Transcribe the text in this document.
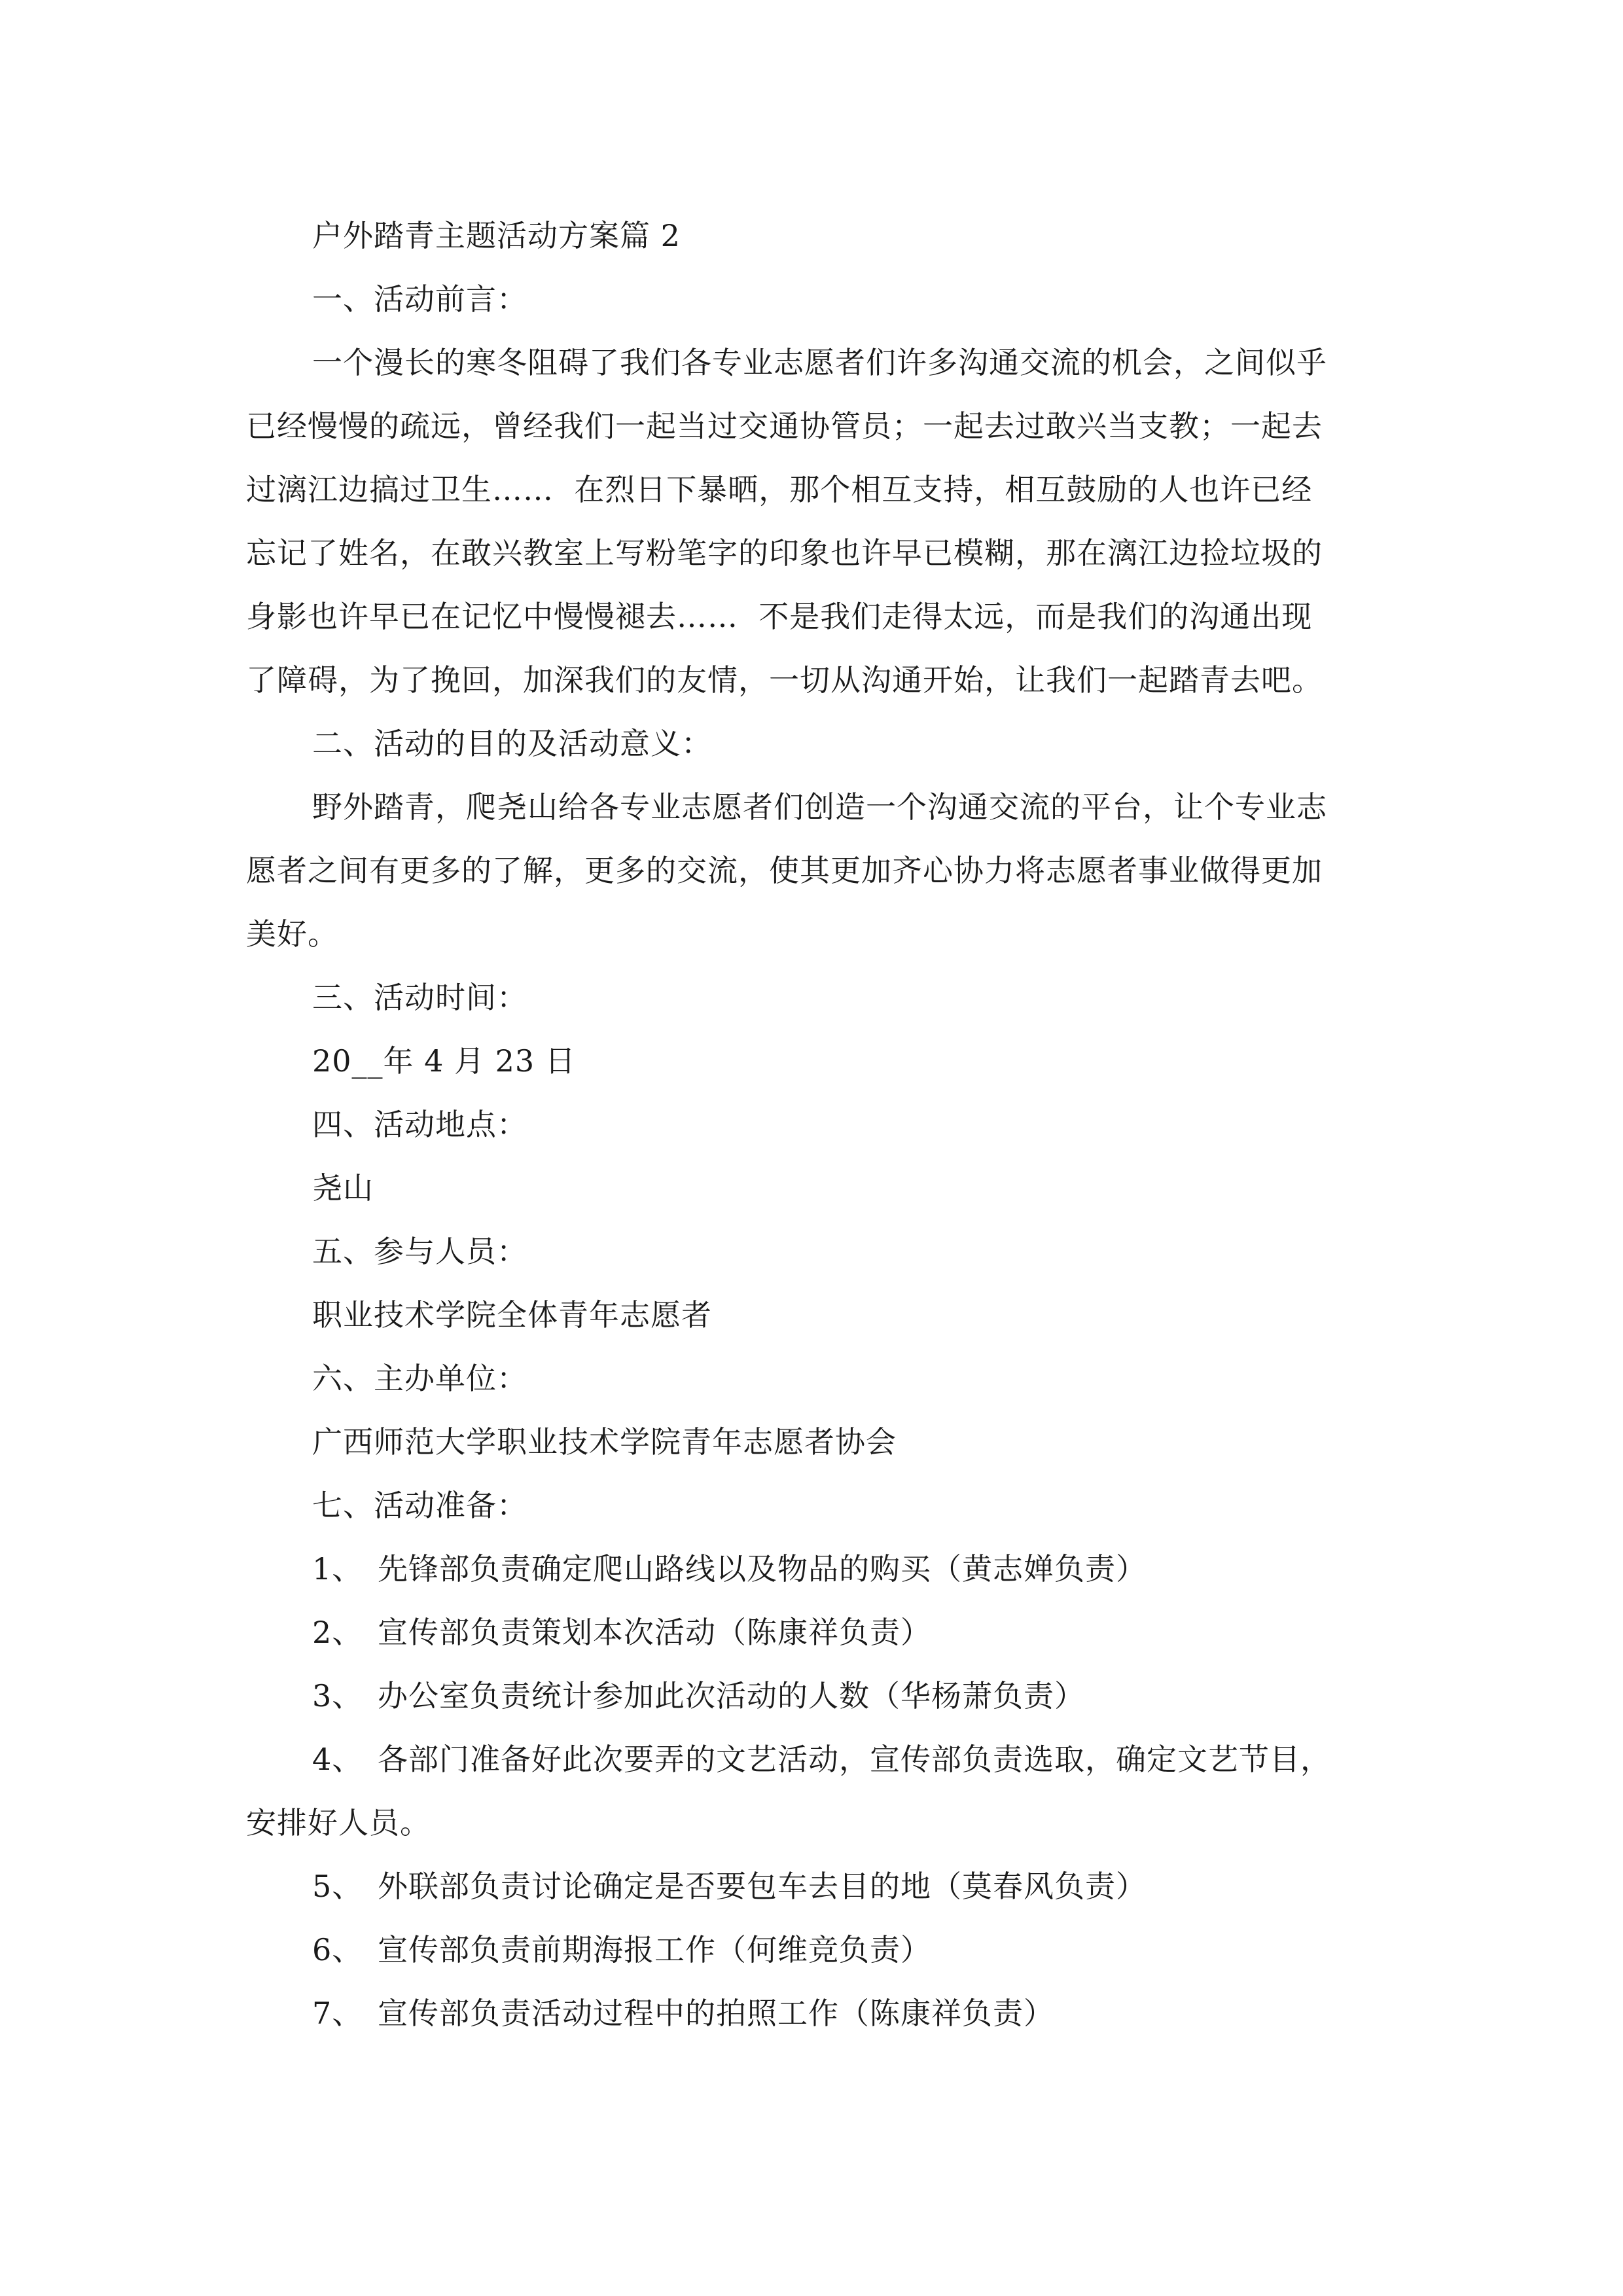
户外踏青主题活动方案篇 2
一、活动前言：
一个漫长的寒冬阻碍了我们各专业志愿者们许多沟通交流的机会，之间似乎
已经慢慢的疏远，曾经我们一起当过交通协管员；一起去过敢兴当支教；一起去
过漓江边搞过卫生……  在烈日下暴晒，那个相互支持，相互鼓励的人也许已经
忘记了姓名，在敢兴教室上写粉笔字的印象也许早已模糊，那在漓江边捡垃圾的
身影也许早已在记忆中慢慢褪去……  不是我们走得太远，而是我们的沟通出现
了障碍，为了挽回，加深我们的友情，一切从沟通开始，让我们一起踏青去吧。
二、活动的目的及活动意义：
野外踏青，爬尧山给各专业志愿者们创造一个沟通交流的平台，让个专业志
愿者之间有更多的了解，更多的交流，使其更加齐心协力将志愿者事业做得更加
美好。
三、活动时间：
20__年 4 月 23 日
四、活动地点：
尧山
五、参与人员：
职业技术学院全体青年志愿者
六、主办单位：
广西师范大学职业技术学院青年志愿者协会
七、活动准备：
1、 先锋部负责确定爬山路线以及物品的购买（黄志婵负责）
2、 宣传部负责策划本次活动（陈康祥负责）
3、 办公室负责统计参加此次活动的人数（华杨萧负责）
4、 各部门准备好此次要弄的文艺活动，宣传部负责选取，确定文艺节目，
安排好人员。
5、 外联部负责讨论确定是否要包车去目的地（莫春风负责）
6、 宣传部负责前期海报工作（何维竞负责）
7、 宣传部负责活动过程中的拍照工作（陈康祥负责）
